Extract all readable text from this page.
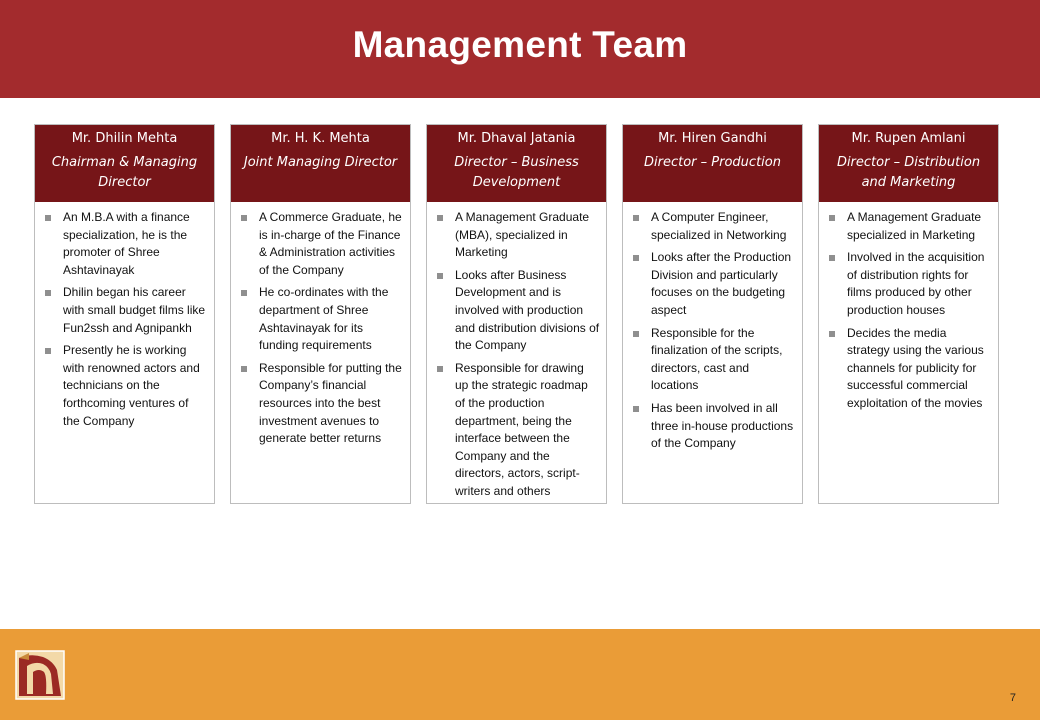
Management Team
Mr. Dhilin Mehta
Chairman & Managing Director
An M.B.A with a finance specialization, he is the promoter of Shree Ashtavinayak
Dhilin began his career with small budget films like Fun2ssh and Agnipankh
Presently he is working with renowned actors and technicians on the forthcoming ventures of the Company
Mr. H. K. Mehta
Joint Managing Director
A Commerce Graduate, he is in-charge of the Finance & Administration activities of the Company
He co-ordinates with the department of Shree Ashtavinayak for its funding requirements
Responsible for putting the Company’s financial resources into the best investment avenues to generate better returns
Mr. Dhaval Jatania
Director – Business Development
A Management Graduate (MBA), specialized in Marketing
Looks after Business Development and is involved with production and distribution divisions of the Company
Responsible for drawing up the strategic roadmap of the production department, being the interface between the Company and the directors, actors, script-writers and others
Mr. Hiren Gandhi
Director – Production
A Computer Engineer, specialized in Networking
Looks after the Production Division and particularly focuses on the budgeting aspect
Responsible for the finalization of the scripts, directors, cast and locations
Has been involved in all three in-house productions of the Company
Mr. Rupen Amlani
Director – Distribution and Marketing
A Management Graduate specialized in Marketing
Involved in the acquisition of distribution rights for films produced by other production houses
Decides the media strategy using the various channels for publicity for successful commercial exploitation of the movies
7
